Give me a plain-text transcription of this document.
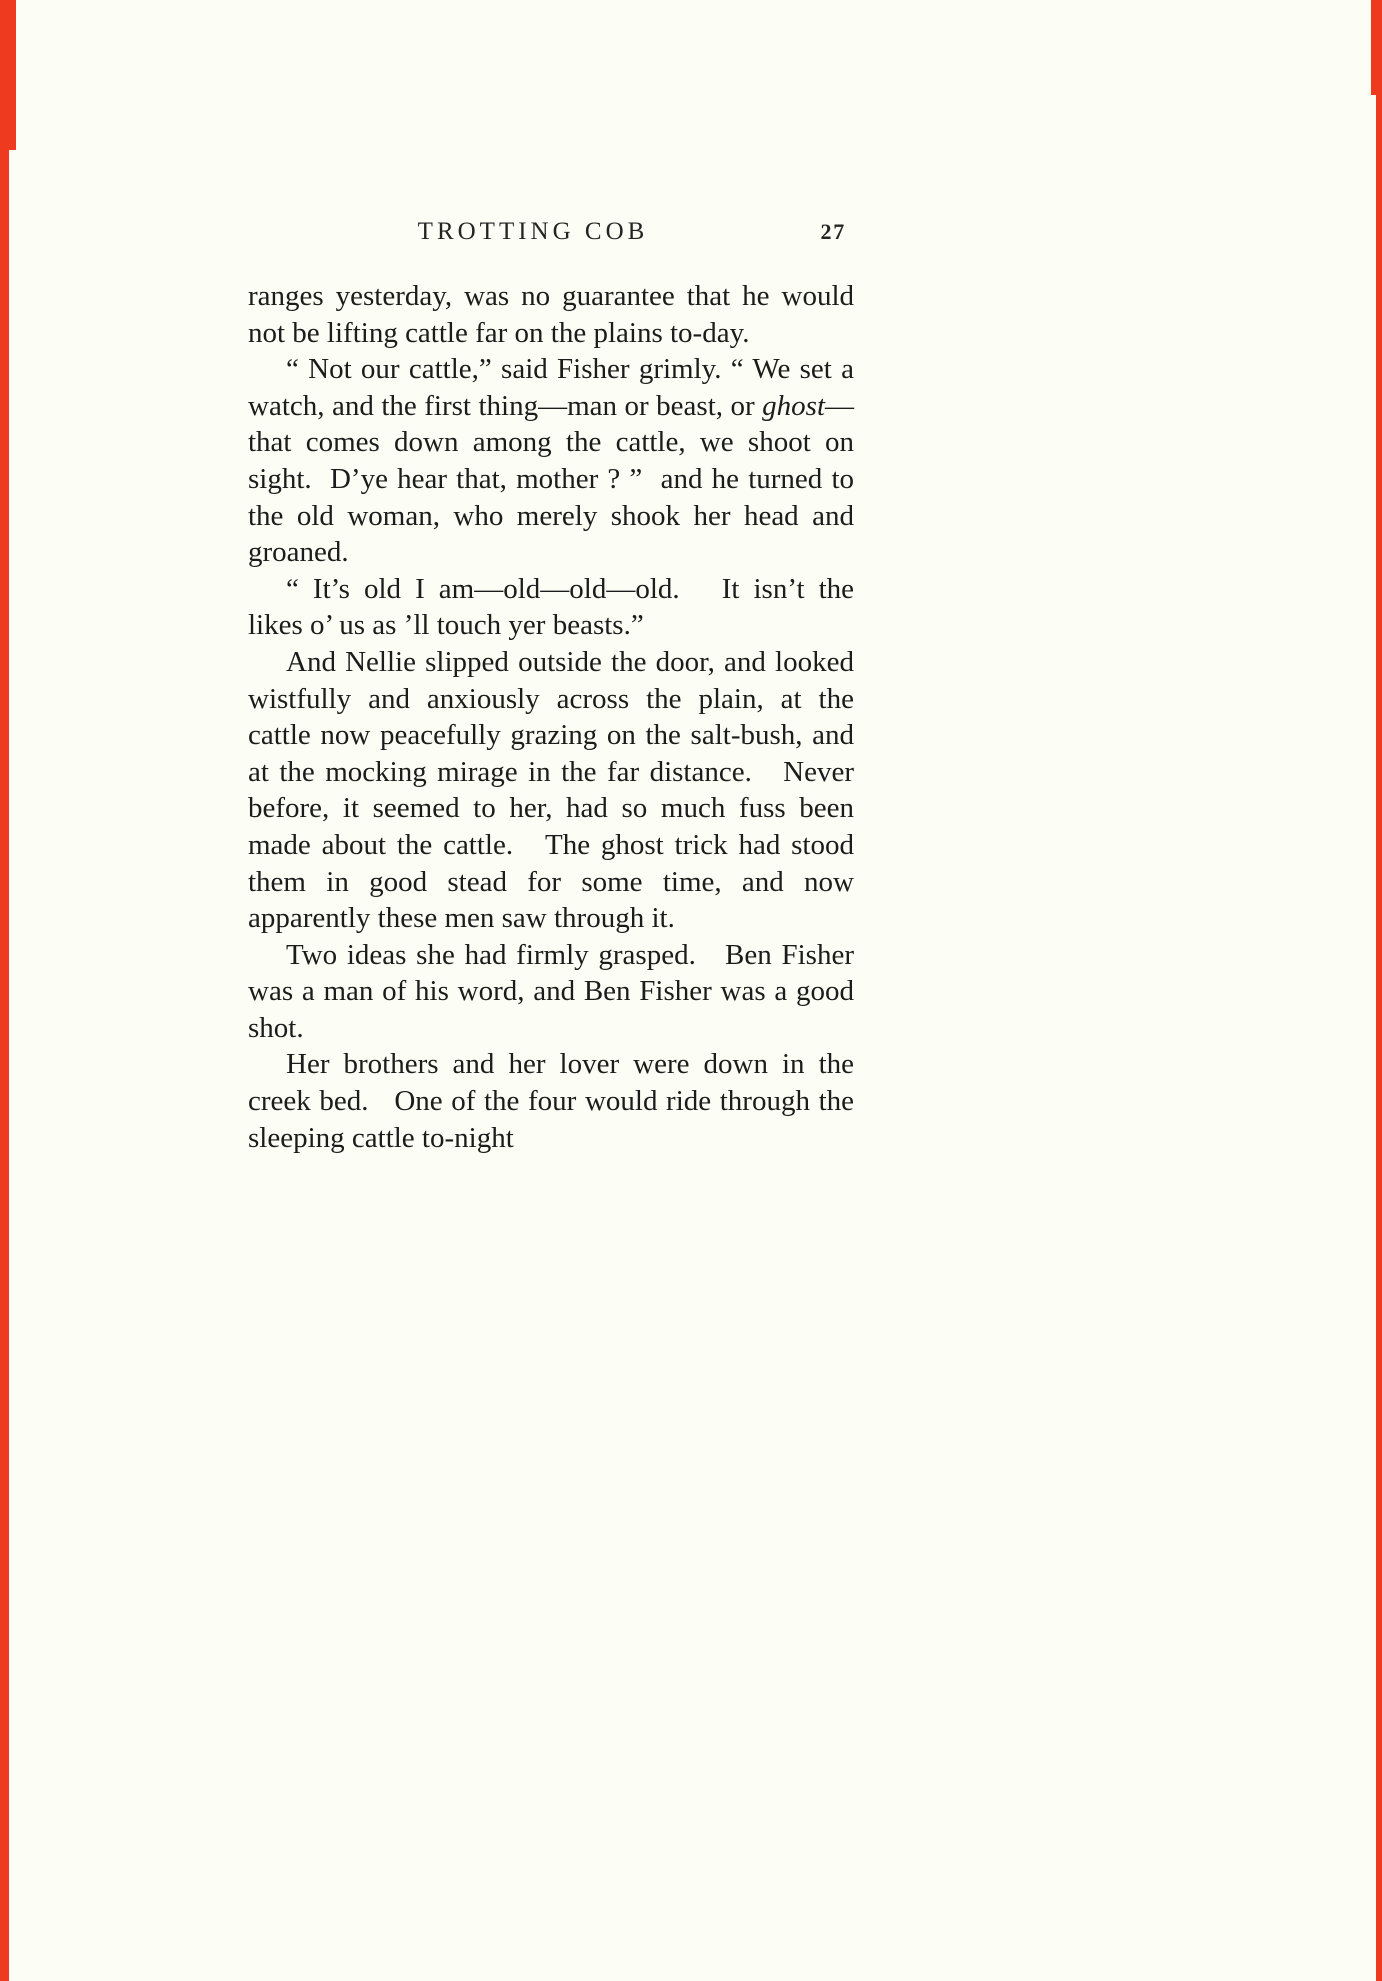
TROTTING COB	27

ranges yesterday, was no guarantee that he would not be lifting cattle far on the plains to-day.

“ Not our cattle,” said Fisher grimly. “ We set a watch, and the first thing—man or beast, or ghost—that comes down among the cattle, we shoot on sight.  D’ye hear that, mother ? ”  and he turned to the old woman, who merely shook her head and groaned.

“ It’s old I am—old—old—old.   It isn’t the likes o’ us as ’ll touch yer beasts.”

And Nellie slipped outside the door, and looked wistfully and anxiously across the plain, at the cattle now peacefully grazing on the salt-bush, and at the mocking mirage in the far distance.   Never before, it seemed to her, had so much fuss been made about the cattle.   The ghost trick had stood them in good stead for some time, and now apparently these men saw through it.

Two ideas she had firmly grasped.   Ben Fisher was a man of his word, and Ben Fisher was a good shot.

Her brothers and her lover were down in the creek bed.   One of the four would ride through the sleeping cattle to-night
